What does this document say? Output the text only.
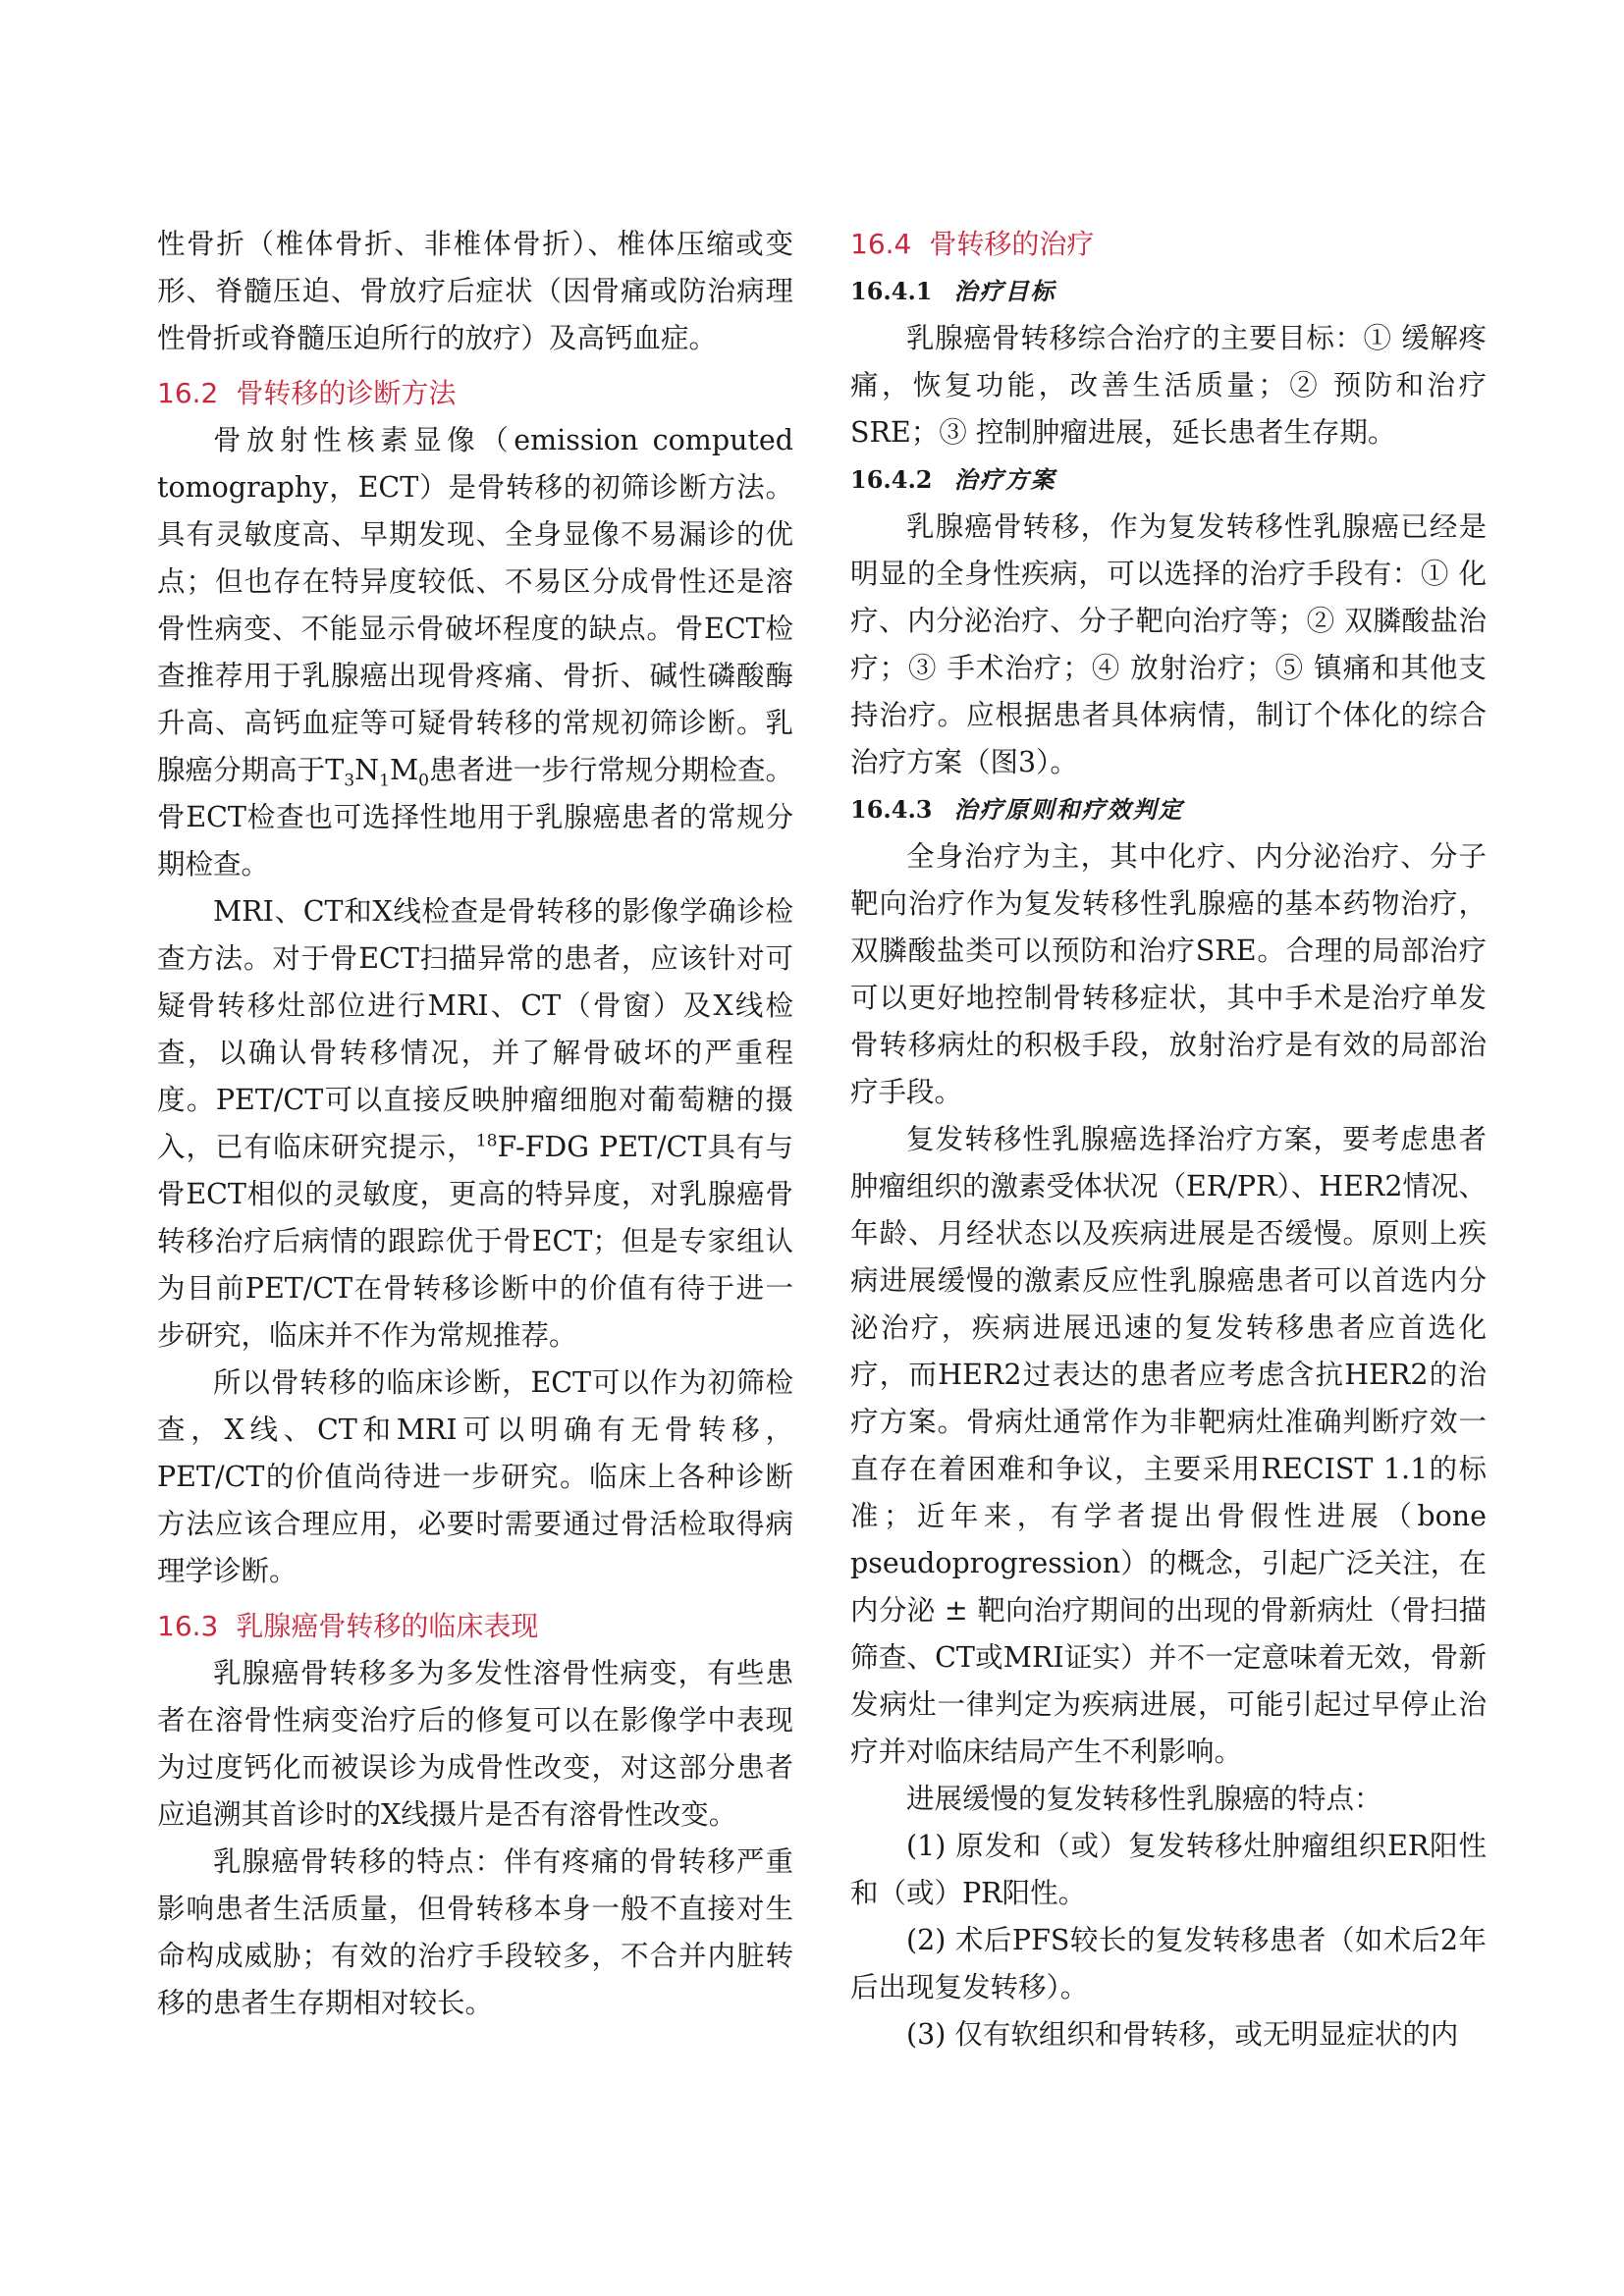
性骨折（椎体骨折、非椎体骨折）、椎体压缩或变形、脊髓压迫、骨放疗后症状（因骨痛或防治病理性骨折或脊髓压迫所行的放疗）及高钙血症。

16.2 骨转移的诊断方法

骨放射性核素显像（emission computed tomography，ECT）是骨转移的初筛诊断方法。具有灵敏度高、早期发现、全身显像不易漏诊的优点；但也存在特异度较低、不易区分成骨性还是溶骨性病变、不能显示骨破坏程度的缺点。骨ECT检查推荐用于乳腺癌出现骨疼痛、骨折、碱性磷酸酶升高、高钙血症等可疑骨转移的常规初筛诊断。乳腺癌分期高于$T_3N_1M_0$患者进一步行常规分期检查。骨ECT检查也可选择性地用于乳腺癌患者的常规分期检查。

MRI、CT和X线检查是骨转移的影像学确诊检查方法。对于骨ECT扫描异常的患者，应该针对可疑骨转移灶部位进行MRI、CT（骨窗）及X线检查，以确认骨转移情况，并了解骨破坏的严重程度。PET/CT可以直接反映肿瘤细胞对葡萄糖的摄入，已有临床研究提示，$^{18}$F-FDG PET/CT具有与骨ECT相似的灵敏度，更高的特异度，对乳腺癌骨转移治疗后病情的跟踪优于骨ECT；但是专家组认为目前PET/CT在骨转移诊断中的价值有待于进一步研究，临床并不作为常规推荐。

所以骨转移的临床诊断，ECT可以作为初筛检查，X线、CT和MRI可以明确有无骨转移，PET/CT的价值尚待进一步研究。临床上各种诊断方法应该合理应用，必要时需要通过骨活检取得病理学诊断。

16.3 乳腺癌骨转移的临床表现

乳腺癌骨转移多为多发性溶骨性病变，有些患者在溶骨性病变治疗后的修复可以在影像学中表现为过度钙化而被误诊为成骨性改变，对这部分患者应追溯其首诊时的X线摄片是否有溶骨性改变。

乳腺癌骨转移的特点：伴有疼痛的骨转移严重影响患者生活质量，但骨转移本身一般不直接对生命构成威胁；有效的治疗手段较多，不合并内脏转移的患者生存期相对较长。

16.4 骨转移的治疗
16.4.1 治疗目标

乳腺癌骨转移综合治疗的主要目标：① 缓解疼痛，恢复功能，改善生活质量；② 预防和治疗SRE；③ 控制肿瘤进展，延长患者生存期。

16.4.2 治疗方案

乳腺癌骨转移，作为复发转移性乳腺癌已经是明显的全身性疾病，可以选择的治疗手段有：① 化疗、内分泌治疗、分子靶向治疗等；② 双膦酸盐治疗；③ 手术治疗；④ 放射治疗；⑤ 镇痛和其他支持治疗。应根据患者具体病情，制订个体化的综合治疗方案（图3）。

16.4.3 治疗原则和疗效判定

全身治疗为主，其中化疗、内分泌治疗、分子靶向治疗作为复发转移性乳腺癌的基本药物治疗，双膦酸盐类可以预防和治疗SRE。合理的局部治疗可以更好地控制骨转移症状，其中手术是治疗单发骨转移病灶的积极手段，放射治疗是有效的局部治疗手段。

复发转移性乳腺癌选择治疗方案，要考虑患者肿瘤组织的激素受体状况（ER/PR）、HER2情况、年龄、月经状态以及疾病进展是否缓慢。原则上疾病进展缓慢的激素反应性乳腺癌患者可以首选内分泌治疗，疾病进展迅速的复发转移患者应首选化疗，而HER2过表达的患者应考虑含抗HER2的治疗方案。骨病灶通常作为非靶病灶准确判断疗效一直存在着困难和争议，主要采用RECIST 1.1的标准；近年来，有学者提出骨假性进展（bone pseudoprogression）的概念，引起广泛关注，在内分泌 ± 靶向治疗期间的出现的骨新病灶（骨扫描筛查、CT或MRI证实）并不一定意味着无效，骨新发病灶一律判定为疾病进展，可能引起过早停止治疗并对临床结局产生不利影响。

进展缓慢的复发转移性乳腺癌的特点：

(1) 原发和（或）复发转移灶肿瘤组织ER阳性和（或）PR阳性。

(2) 术后PFS较长的复发转移患者（如术后2年后出现复发转移）。

(3) 仅有软组织和骨转移，或无明显症状的内
